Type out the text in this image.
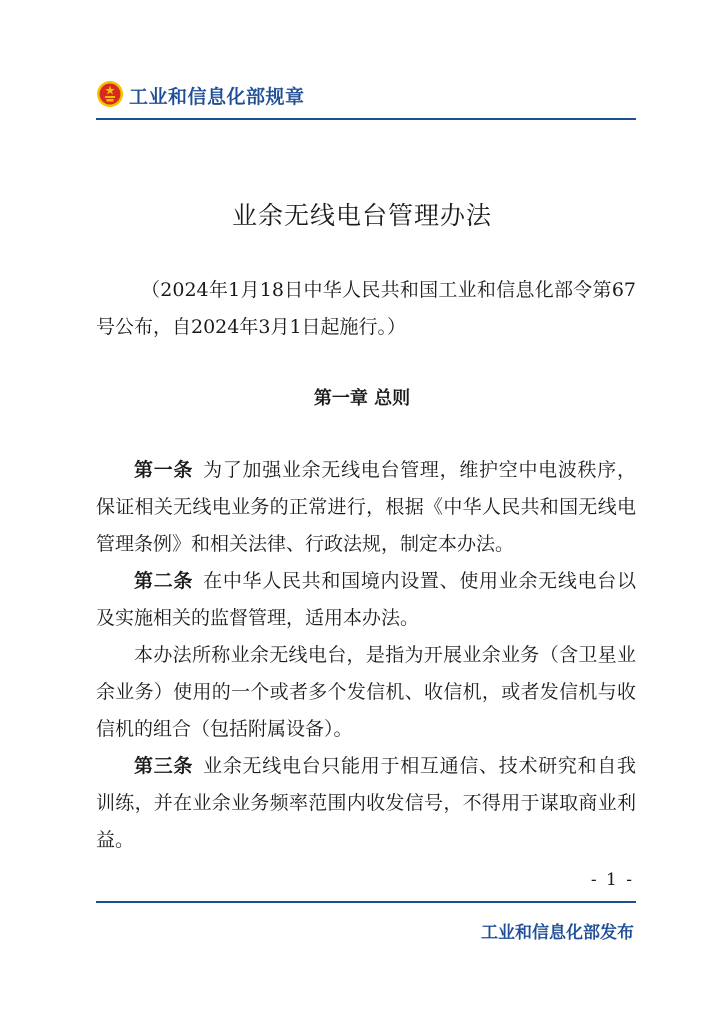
工业和信息化部规章
业余无线电台管理办法
（2024年1月18日中华人民共和国工业和信息化部令第67号公布，自2024年3月1日起施行。）
第一章 总则

第一条 为了加强业余无线电台管理，维护空中电波秩序，保证相关无线电业务的正常进行，根据《中华人民共和国无线电管理条例》和相关法律、行政法规，制定本办法。

第二条 在中华人民共和国境内设置、使用业余无线电台以及实施相关的监督管理，适用本办法。

本办法所称业余无线电台，是指为开展业余业务（含卫星业余业务）使用的一个或者多个发信机、收信机，或者发信机与收信机的组合（包括附属设备）。

第三条 业余无线电台只能用于相互通信、技术研究和自我训练，并在业余业务频率范围内收发信号，不得用于谋取商业利益。

- 1 -
工业和信息化部发布
